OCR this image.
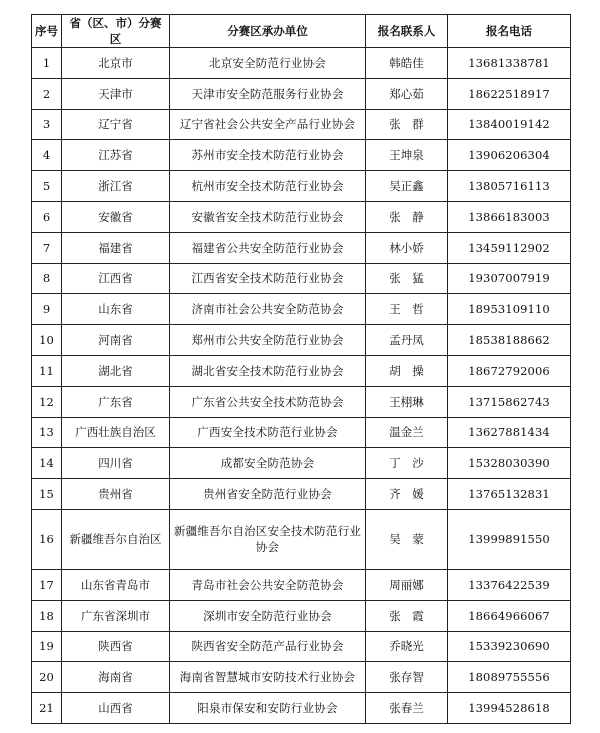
序号	省（区、市）分赛区	分赛区承办单位	报名联系人	报名电话
1	北京市	北京安全防范行业协会	韩皓佳	13681338781
2	天津市	天津市安全防范服务行业协会	郑心茹	18622518917
3	辽宁省	辽宁省社会公共安全产品行业协会	张　群	13840019142
4	江苏省	苏州市安全技术防范行业协会	王坤泉	13906206304
5	浙江省	杭州市安全技术防范行业协会	吴正鑫	13805716113
6	安徽省	安徽省安全技术防范行业协会	张　静	13866183003
7	福建省	福建省公共安全防范行业协会	林小娇	13459112902
8	江西省	江西省安全技术防范行业协会	张　猛	19307007919
9	山东省	济南市社会公共安全防范协会	王　哲	18953109110
10	河南省	郑州市公共安全防范行业协会	孟丹凤	18538188662
11	湖北省	湖北省安全技术防范行业协会	胡　操	18672792006
12	广东省	广东省公共安全技术防范协会	王栩琳	13715862743
13	广西壮族自治区	广西安全技术防范行业协会	温金兰	13627881434
14	四川省	成都安全防范协会	丁　沙	15328030390
15	贵州省	贵州省安全防范行业协会	齐　媛	13765132831
16	新疆维吾尔自治区	新疆维吾尔自治区安全技术防范行业协会	吴　蒙	13999891550
17	山东省青岛市	青岛市社会公共安全防范协会	周丽娜	13376422539
18	广东省深圳市	深圳市安全防范行业协会	张　霞	18664966067
19	陕西省	陕西省安全防范产品行业协会	乔晓光	15339230690
20	海南省	海南省智慧城市安防技术行业协会	张存智	18089755556
21	山西省	阳泉市保安和安防行业协会	张春兰	13994528618
